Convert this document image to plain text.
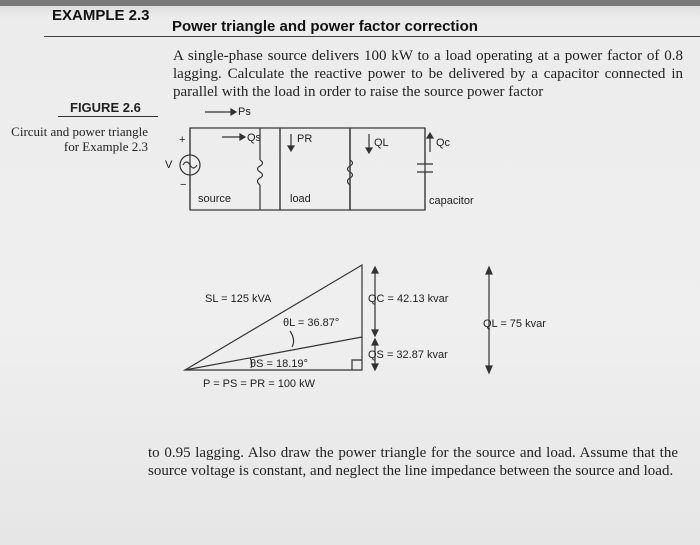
EXAMPLE 2.3
Power triangle and power factor correction
A single-phase source delivers 100 kW to a load operating at a power factor of 0.8 lagging. Calculate the reactive power to be delivered by a capacitor connected in parallel with the load in order to raise the source power factor
FIGURE 2.6
Circuit and power triangle for Example 2.3
Ps
Qs	PR	QL	Qc
+
−
V
source	load	capacitor
SL = 125 kVA
θL = 36.87°
θS = 18.19°
P = PS = PR = 100 kW
QC = 42.13 kvar
QS = 32.87 kvar
QL = 75 kvar
to 0.95 lagging. Also draw the power triangle for the source and load. Assume that the source voltage is constant, and neglect the line impedance between the source and load.
